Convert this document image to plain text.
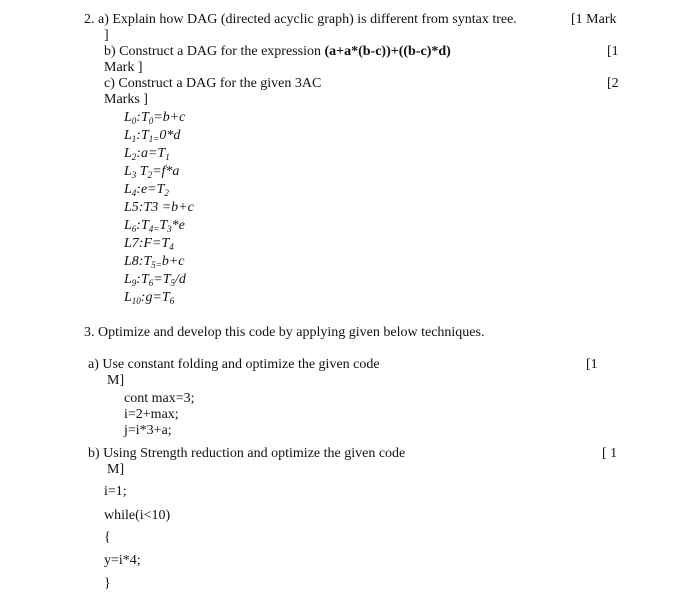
2. a) Explain how DAG (directed acyclic graph) is different from syntax tree.	[1 Mark
]
b) Construct a DAG for the expression (a+a*(b-c))+((b-c)*d)	[1
Mark ]
c) Construct a DAG for the given 3AC	[2
Marks ]
$L_0:T_0=b+c$
$L_1:T_{1=}0*d$
$L_2:a=T_1$
$L_3$ $T_2=f*a$
$L_4:e=T_2$
L5:T3 =b+c
$L_6:T_{4=}T_3*e$
$L7:F=T_4$
$L8:T_{5=}b+c$
$L_9:T_6=T_5/d$
$L_{10}:g=T_6$
3. Optimize and develop this code by applying given below techniques.
a) Use constant folding and optimize the given code	[1
M]
cont max=3;
i=2+max;
j=i*3+a;
b) Using Strength reduction and optimize the given code	[ 1
M]
i=1;
while(i<10)
{
y=i*4;
}
